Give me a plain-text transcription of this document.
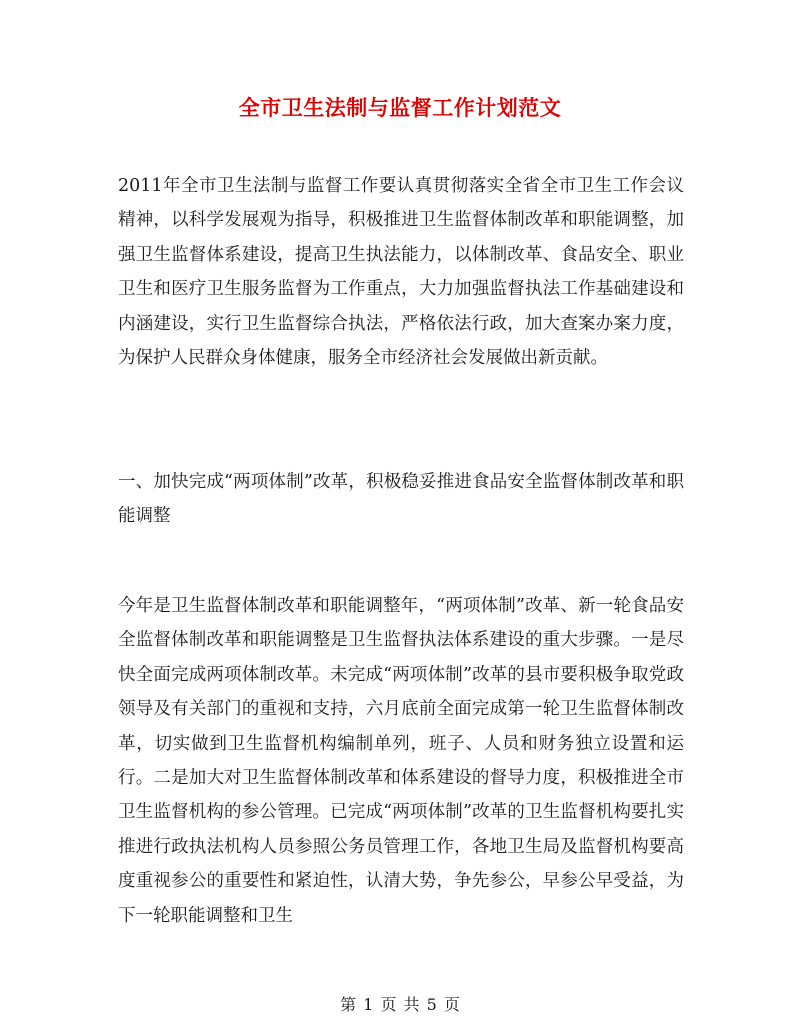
全市卫生法制与监督工作计划范文

2011年全市卫生法制与监督工作要认真贯彻落实全省全市卫生工作会议精神，以科学发展观为指导，积极推进卫生监督体制改革和职能调整，加强卫生监督体系建设，提高卫生执法能力，以体制改革、食品安全、职业卫生和医疗卫生服务监督为工作重点，大力加强监督执法工作基础建设和内涵建设，实行卫生监督综合执法，严格依法行政，加大查案办案力度，为保护人民群众身体健康，服务全市经济社会发展做出新贡献。

一、加快完成“两项体制”改革，积极稳妥推进食品安全监督体制改革和职能调整

今年是卫生监督体制改革和职能调整年，“两项体制”改革、新一轮食品安全监督体制改革和职能调整是卫生监督执法体系建设的重大步骤。一是尽快全面完成两项体制改革。未完成“两项体制”改革的县市要积极争取党政领导及有关部门的重视和支持，六月底前全面完成第一轮卫生监督体制改革，切实做到卫生监督机构编制单列，班子、人员和财务独立设置和运行。二是加大对卫生监督体制改革和体系建设的督导力度，积极推进全市卫生监督机构的参公管理。已完成“两项体制”改革的卫生监督机构要扎实推进行政执法机构人员参照公务员管理工作，各地卫生局及监督机构要高度重视参公的重要性和紧迫性，认清大势，争先参公，早参公早受益，为下一轮职能调整和卫生

第 1 页 共 5 页
